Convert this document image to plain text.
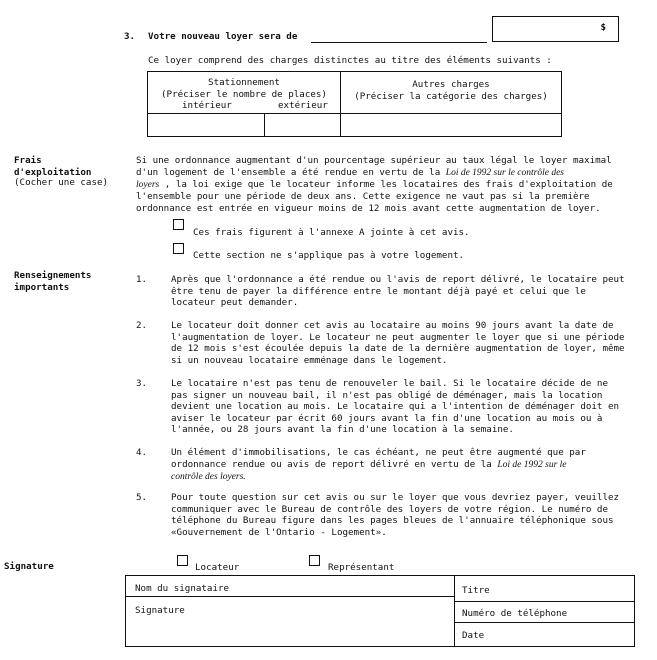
3. Votre nouveau loyer sera de
$
Ce loyer comprend des charges distinctes au titre des éléments suivants :
Stationnement
(Préciser le nombre de places)
intérieur	extérieur
Autres charges
(Préciser la catégorie des charges)
Frais
d'exploitation
(Cocher une case)
Si une ordonnance augmentant d'un pourcentage supérieur au taux légal le loyer maximal
d'un logement de l'ensemble a été rendue en vertu de la Loi de 1992 sur le contrôle des
loyers , la loi exige que le locateur informe les locataires des frais d'exploitation de
l'ensemble pour une période de deux ans. Cette exigence ne vaut pas si la première
ordonnance est entrée en vigueur moins de 12 mois avant cette augmentation de loyer.
Ces frais figurent à l'annexe A jointe à cet avis.
Cette section ne s'applique pas à votre logement.
Renseignements
importants
1.	Après que l'ordonnance a été rendue ou l'avis de report délivré, le locataire peut
être tenu de payer la différence entre le montant déjà payé et celui que le
locateur peut demander.
2.	Le locateur doit donner cet avis au locataire au moins 90 jours avant la date de
l'augmentation de loyer. Le locateur ne peut augmenter le loyer que si une période
de 12 mois s'est écoulée depuis la date de la dernière augmentation de loyer, même
si un nouveau locataire emménage dans le logement.
3.	Le locataire n'est pas tenu de renouveler le bail. Si le locataire décide de ne
pas signer un nouveau bail, il n'est pas obligé de déménager, mais la location
devient une location au mois. Le locataire qui a l'intention de déménager doit en
aviser le locateur par écrit 60 jours avant la fin d'une location au mois ou à
l'année, ou 28 jours avant la fin d'une location à la semaine.
4.	Un élément d'immobilisations, le cas échéant, ne peut être augmenté que par
ordonnance rendue ou avis de report délivré en vertu de la Loi de 1992 sur le
contrôle des loyers.
5.	Pour toute question sur cet avis ou sur le loyer que vous devriez payer, veuillez
communiquer avec le Bureau de contrôle des loyers de votre région. Le numéro de
téléphone du Bureau figure dans les pages bleues de l'annuaire téléphonique sous
«Gouvernement de l'Ontario - Logement».
Signature	Locateur	Représentant
Nom du signataire
Signature
Titre
Numéro de téléphone
Date
